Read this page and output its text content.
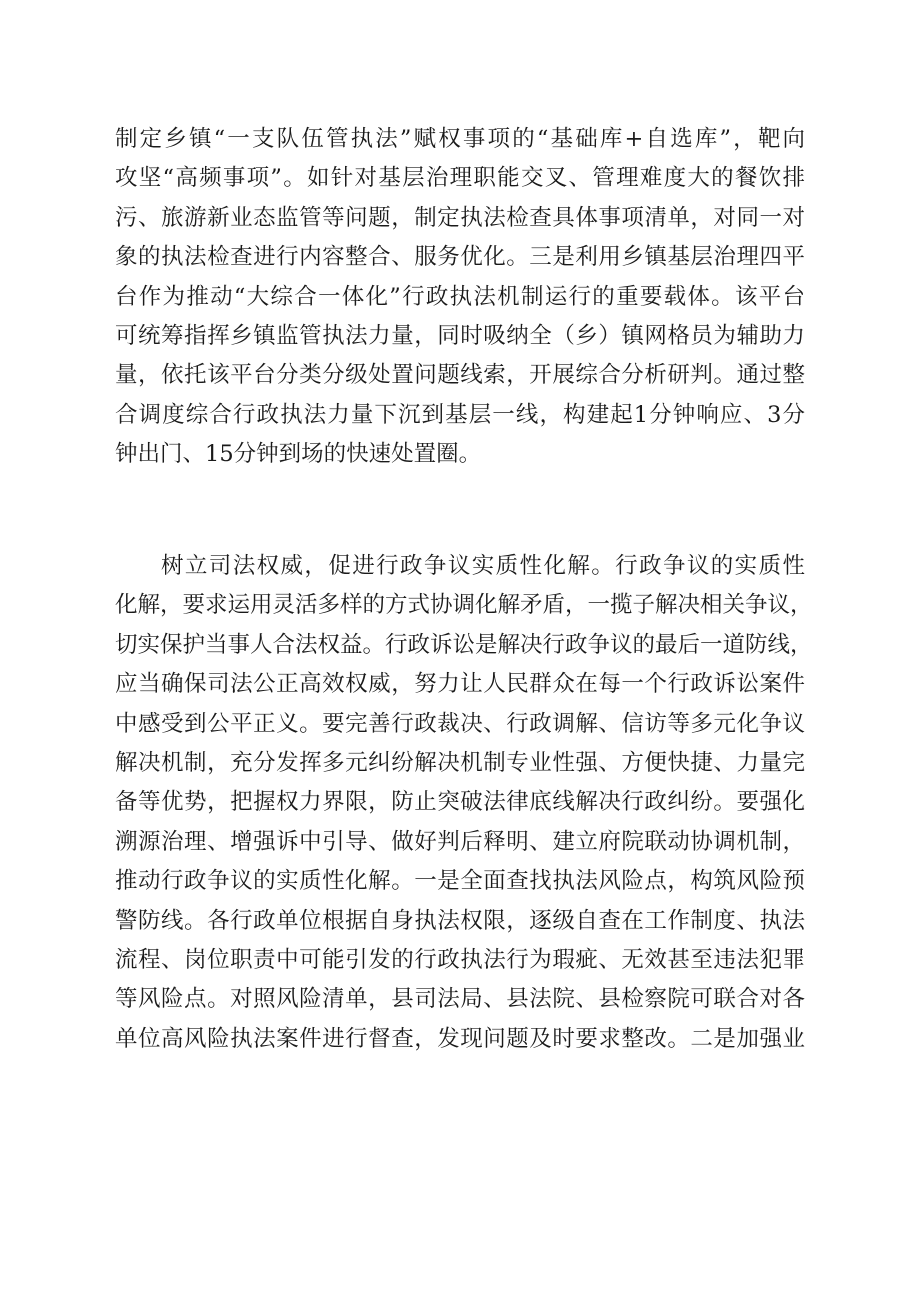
制定乡镇“一支队伍管执法”赋权事项的“基础库+自选库”，靶向
攻坚“高频事项”。如针对基层治理职能交叉、管理难度大的餐饮排
污、旅游新业态监管等问题，制定执法检查具体事项清单，对同一对
象的执法检查进行内容整合、服务优化。三是利用乡镇基层治理四平
台作为推动“大综合一体化”行政执法机制运行的重要载体。该平台
可统筹指挥乡镇监管执法力量，同时吸纳全（乡）镇网格员为辅助力
量，依托该平台分类分级处置问题线索，开展综合分析研判。通过整
合调度综合行政执法力量下沉到基层一线，构建起1分钟响应、3分
钟出门、15分钟到场的快速处置圈。
树立司法权威，促进行政争议实质性化解。行政争议的实质性
化解，要求运用灵活多样的方式协调化解矛盾，一揽子解决相关争议，
切实保护当事人合法权益。行政诉讼是解决行政争议的最后一道防线，
应当确保司法公正高效权威，努力让人民群众在每一个行政诉讼案件
中感受到公平正义。要完善行政裁决、行政调解、信访等多元化争议
解决机制，充分发挥多元纠纷解决机制专业性强、方便快捷、力量完
备等优势，把握权力界限，防止突破法律底线解决行政纠纷。要强化
溯源治理、增强诉中引导、做好判后释明、建立府院联动协调机制，
推动行政争议的实质性化解。一是全面查找执法风险点，构筑风险预
警防线。各行政单位根据自身执法权限，逐级自查在工作制度、执法
流程、岗位职责中可能引发的行政执法行为瑕疵、无效甚至违法犯罪
等风险点。对照风险清单，县司法局、县法院、县检察院可联合对各
单位高风险执法案件进行督查，发现问题及时要求整改。二是加强业
